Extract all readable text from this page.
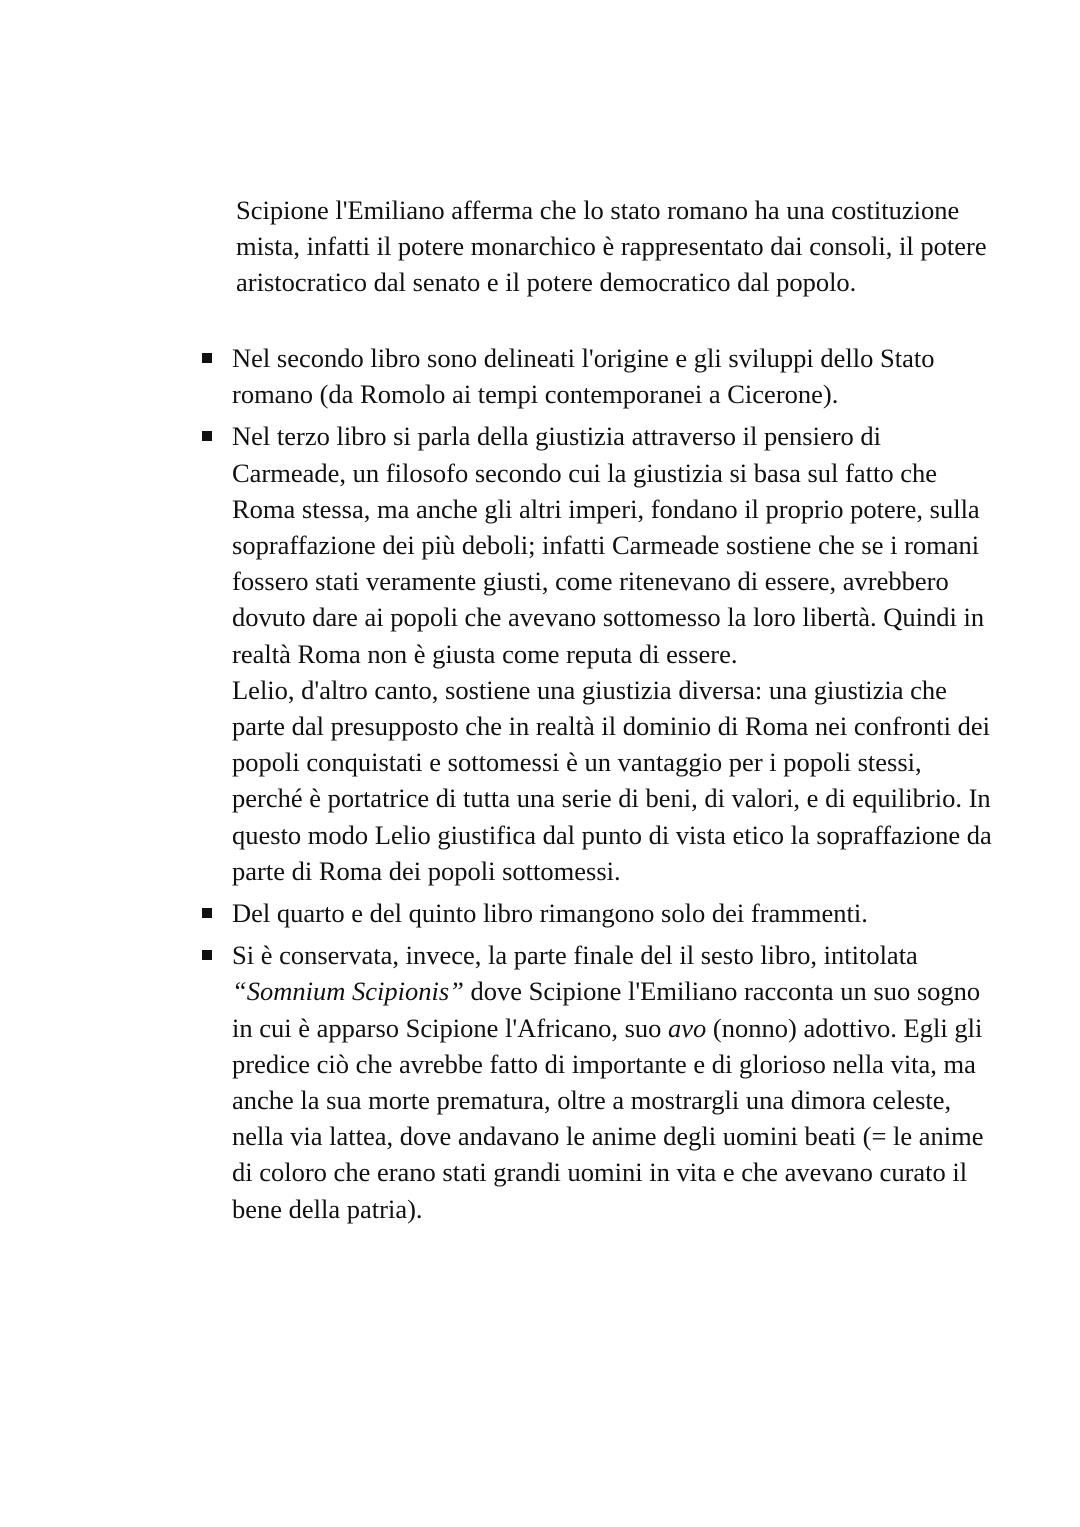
Scipione l'Emiliano afferma che lo stato romano ha una costituzione mista, infatti il potere monarchico è rappresentato dai consoli, il potere aristocratico dal senato e il potere democratico dal popolo.

Nel secondo libro sono delineati l'origine e gli sviluppi dello Stato romano (da Romolo ai tempi contemporanei a Cicerone).

Nel terzo libro si parla della giustizia attraverso il pensiero di Carmeade, un filosofo secondo cui la giustizia si basa sul fatto che Roma stessa, ma anche gli altri imperi, fondano il proprio potere, sulla sopraffazione dei più deboli; infatti Carmeade sostiene che se i romani fossero stati veramente giusti, come ritenevano di essere, avrebbero dovuto dare ai popoli che avevano sottomesso la loro libertà. Quindi in realtà Roma non è giusta come reputa di essere.

Lelio, d'altro canto, sostiene una giustizia diversa: una giustizia che parte dal presupposto che in realtà il dominio di Roma nei confronti dei popoli conquistati e sottomessi è un vantaggio per i popoli stessi, perché è portatrice di tutta una serie di beni, di valori, e di equilibrio. In questo modo Lelio giustifica dal punto di vista etico la sopraffazione da parte di Roma dei popoli sottomessi.

Del quarto e del quinto libro rimangono solo dei frammenti.

Si è conservata, invece, la parte finale del il sesto libro, intitolata “Somnium Scipionis” dove Scipione l'Emiliano racconta un suo sogno in cui è apparso Scipione l'Africano, suo avo (nonno) adottivo. Egli gli predice ciò che avrebbe fatto di importante e di glorioso nella vita, ma anche la sua morte prematura, oltre a mostrargli una dimora celeste, nella via lattea, dove andavano le anime degli uomini beati (= le anime di coloro che erano stati grandi uomini in vita e che avevano curato il bene della patria).
